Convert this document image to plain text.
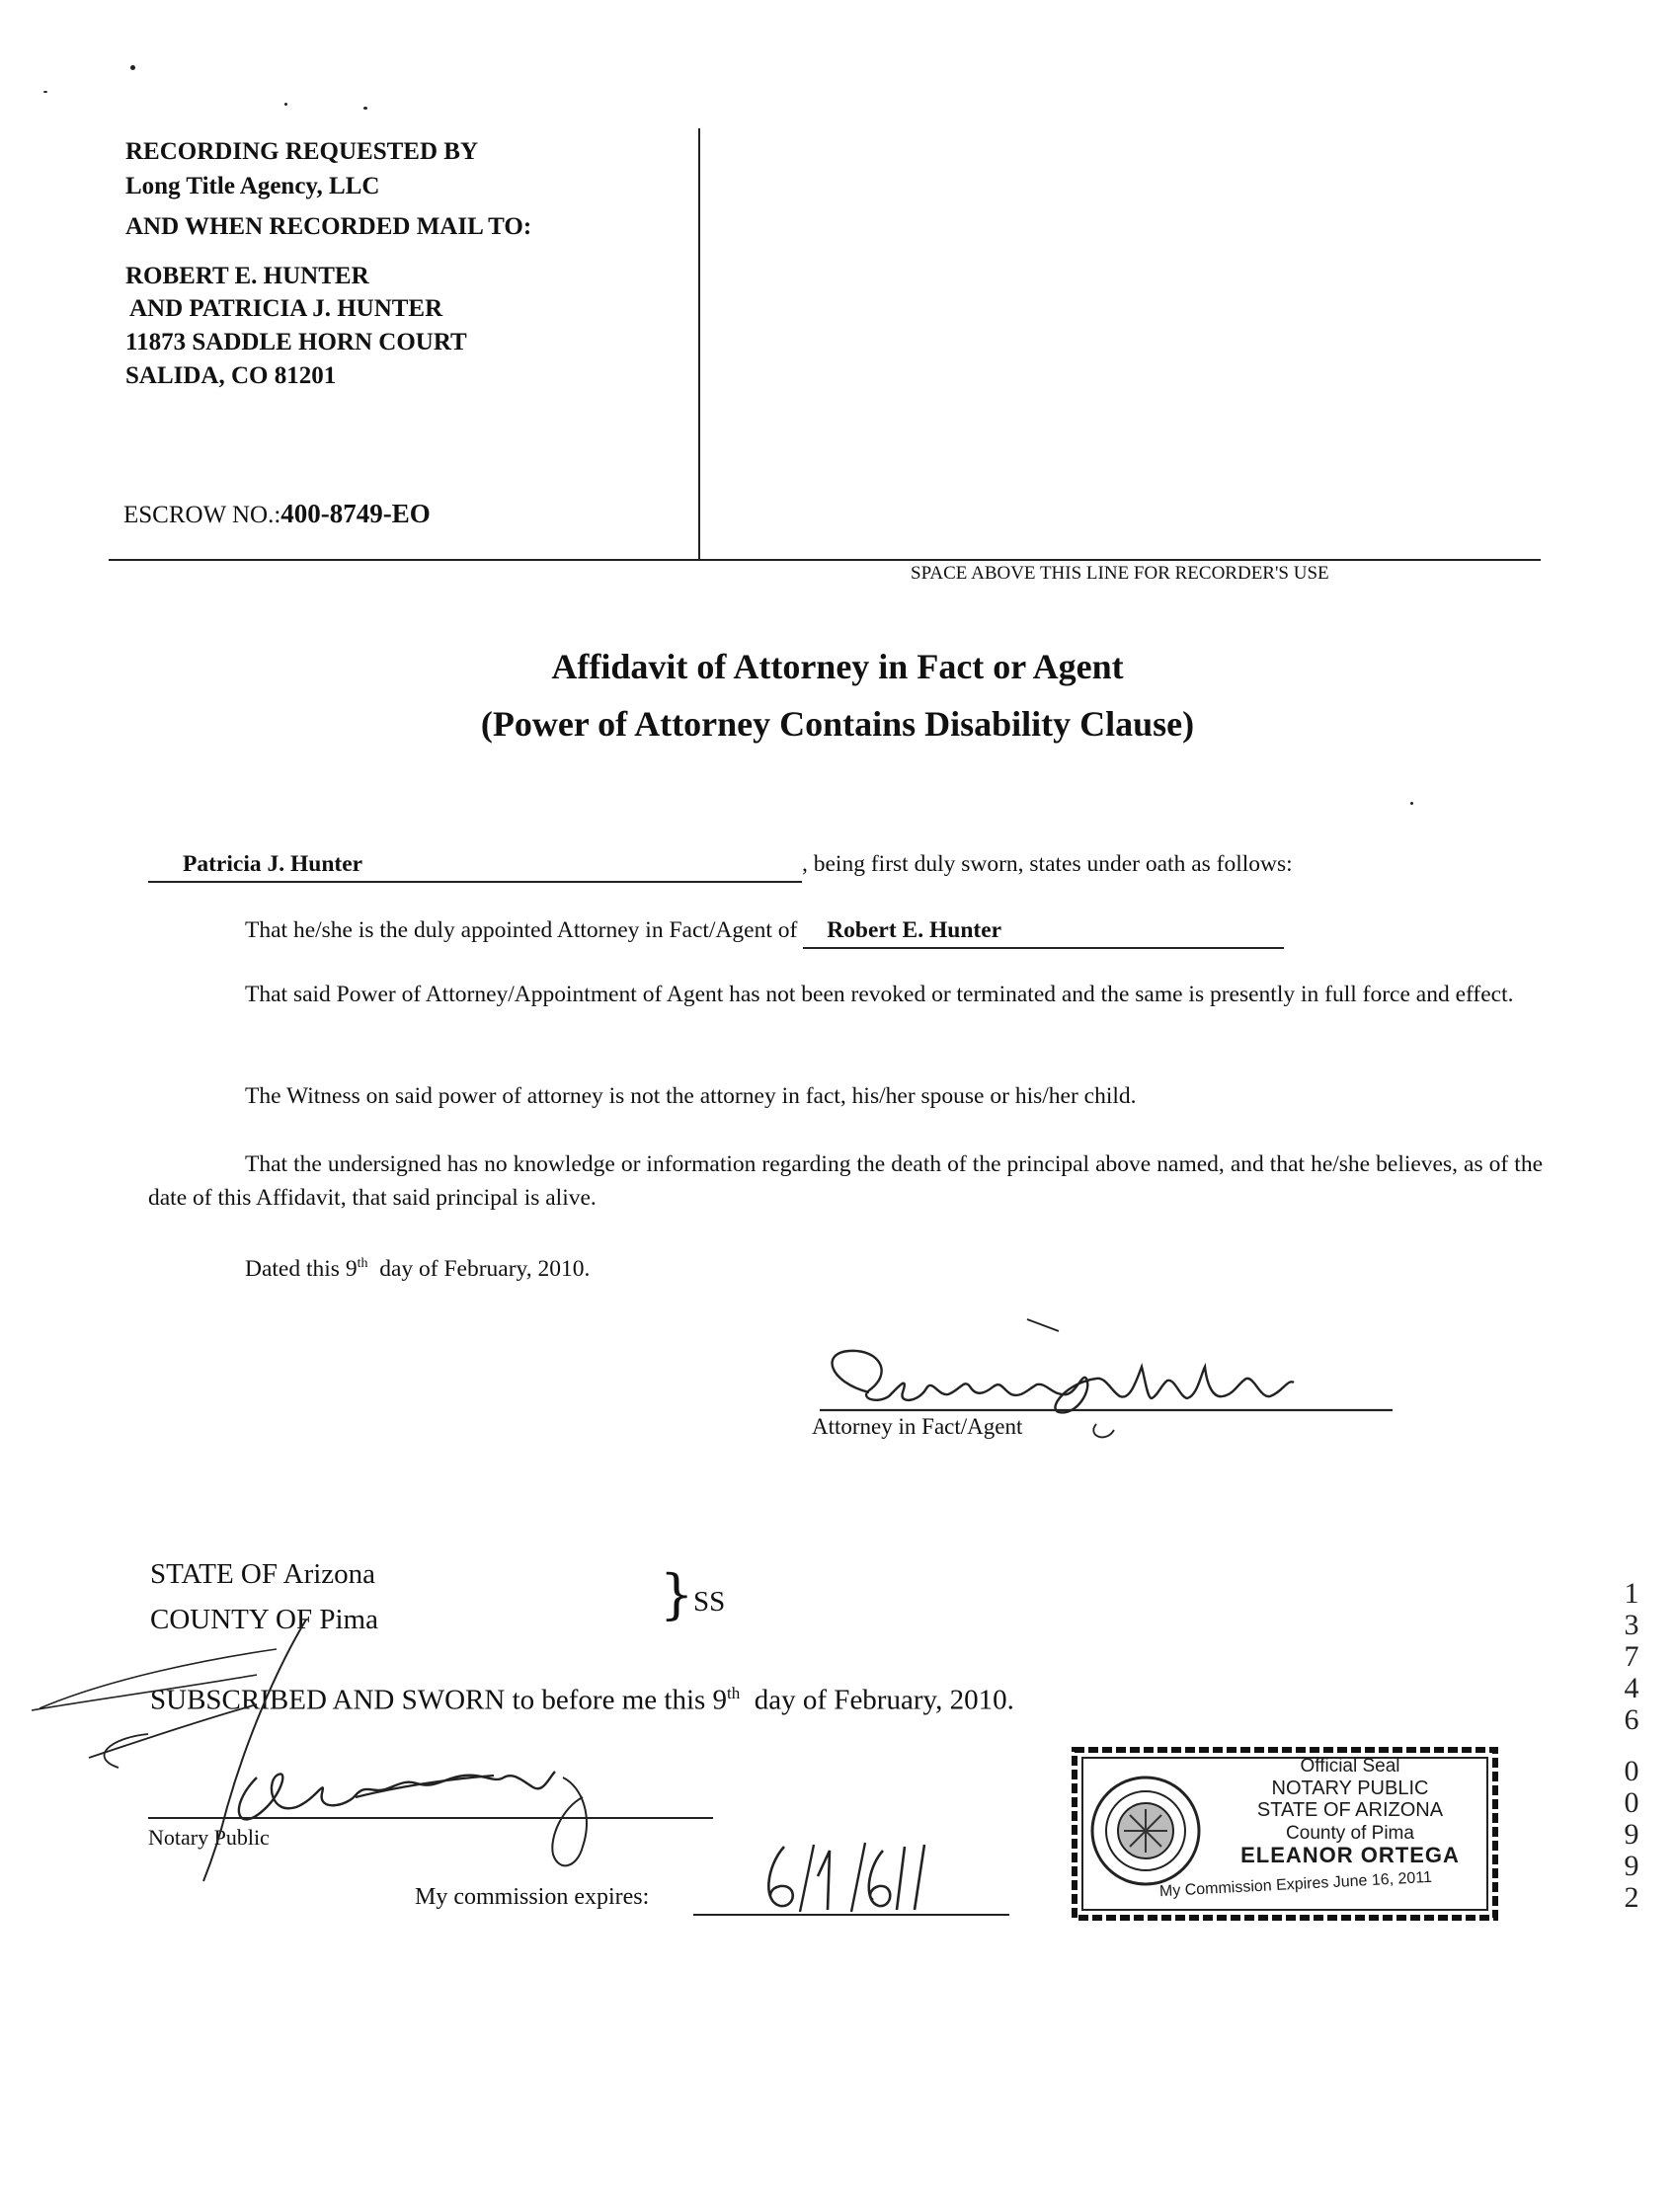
RECORDING REQUESTED BY
Long Title Agency, LLC
AND WHEN RECORDED MAIL TO:
ROBERT E. HUNTER
AND PATRICIA J. HUNTER
11873 SADDLE HORN COURT
SALIDA, CO 81201
ESCROW NO.:400-8749-EO
SPACE ABOVE THIS LINE FOR RECORDER'S USE
Affidavit of Attorney in Fact or Agent
(Power of Attorney Contains Disability Clause)
Patricia J. Hunter	, being first duly sworn, states under oath as follows:
That he/she is the duly appointed Attorney in Fact/Agent of Robert E. Hunter
That said Power of Attorney/Appointment of Agent has not been revoked or terminated and the same is presently in full force and effect.
The Witness on said power of attorney is not the attorney in fact, his/her spouse or his/her child.
That the undersigned has no knowledge or information regarding the death of the principal above named, and that he/she believes, as of the date of this Affidavit, that said principal is alive.
Dated this 9th day of February, 2010.
Attorney in Fact/Agent
STATE OF Arizona
COUNTY OF Pima	} SS
SUBSCRIBED AND SWORN to before me this 9th day of February, 2010.
Notary Public
My commission expires:
Official Seal
NOTARY PUBLIC
STATE OF ARIZONA
County of Pima
ELEANOR ORTEGA
My Commission Expires June 16, 2011
1
3
7
4
6
0
0
9
9
2
